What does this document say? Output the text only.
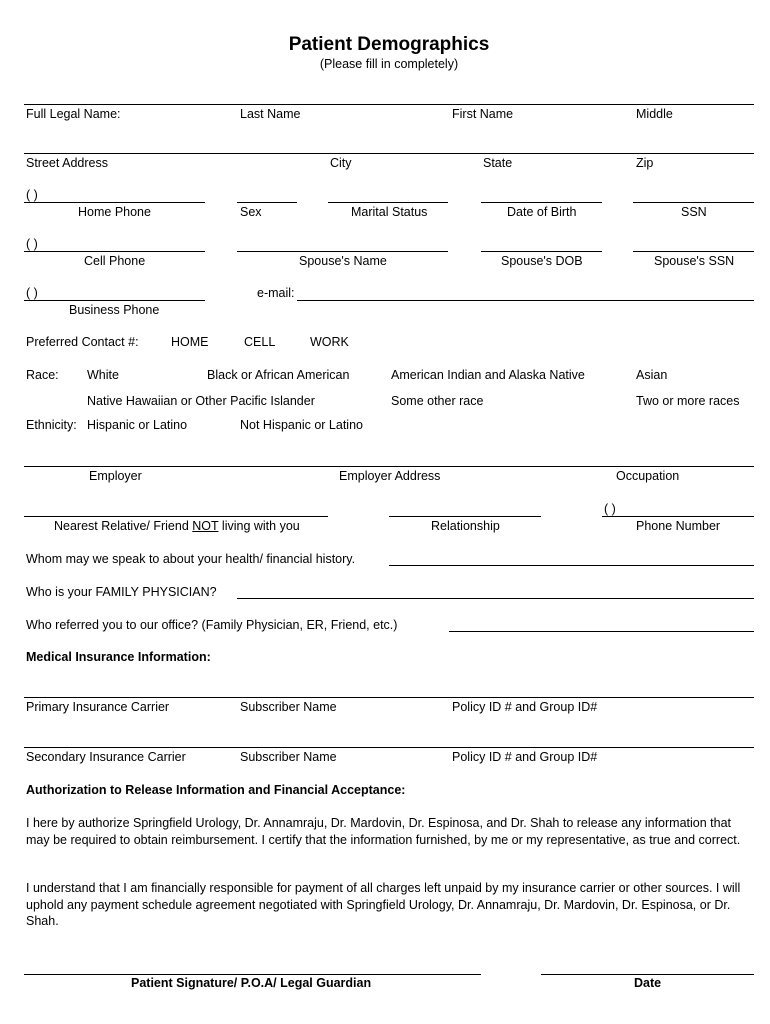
Patient Demographics
(Please fill in completely)
Full Legal Name:	Last Name	First Name	Middle
Street Address	City	State	Zip
( )
Home Phone	Sex	Marital Status	Date of Birth	SSN
( )
Cell Phone	Spouse's Name	Spouse's DOB	Spouse's SSN
( )	e-mail:
Business Phone
Preferred Contact #:	HOME	CELL	WORK
Race: White	Black or African American	American Indian and Alaska Native	Asian
Native Hawaiian or Other Pacific Islander	Some other race	Two or more races
Ethnicity: Hispanic or Latino	Not Hispanic or Latino
Employer	Employer Address	Occupation
( )
Nearest Relative/ Friend NOT living with you	Relationship	Phone Number
Whom may we speak to about your health/ financial history.
Who is your FAMILY PHYSICIAN?
Who referred you to our office? (Family Physician, ER, Friend, etc.)
Medical Insurance Information:
Primary Insurance Carrier	Subscriber Name	Policy ID # and Group ID#
Secondary Insurance Carrier	Subscriber Name	Policy ID # and Group ID#
Authorization to Release Information and Financial Acceptance:
I here by authorize Springfield Urology, Dr. Annamraju, Dr. Mardovin, Dr. Espinosa, and Dr. Shah to release any information that may be required to obtain reimbursement. I certify that the information furnished, by me or my representative, as true and correct.
I understand that I am financially responsible for payment of all charges left unpaid by my insurance carrier or other sources. I will uphold any payment schedule agreement negotiated with Springfield Urology, Dr. Annamraju, Dr. Mardovin, Dr. Espinosa, or Dr. Shah.
Patient Signature/ P.O.A/ Legal Guardian	Date
